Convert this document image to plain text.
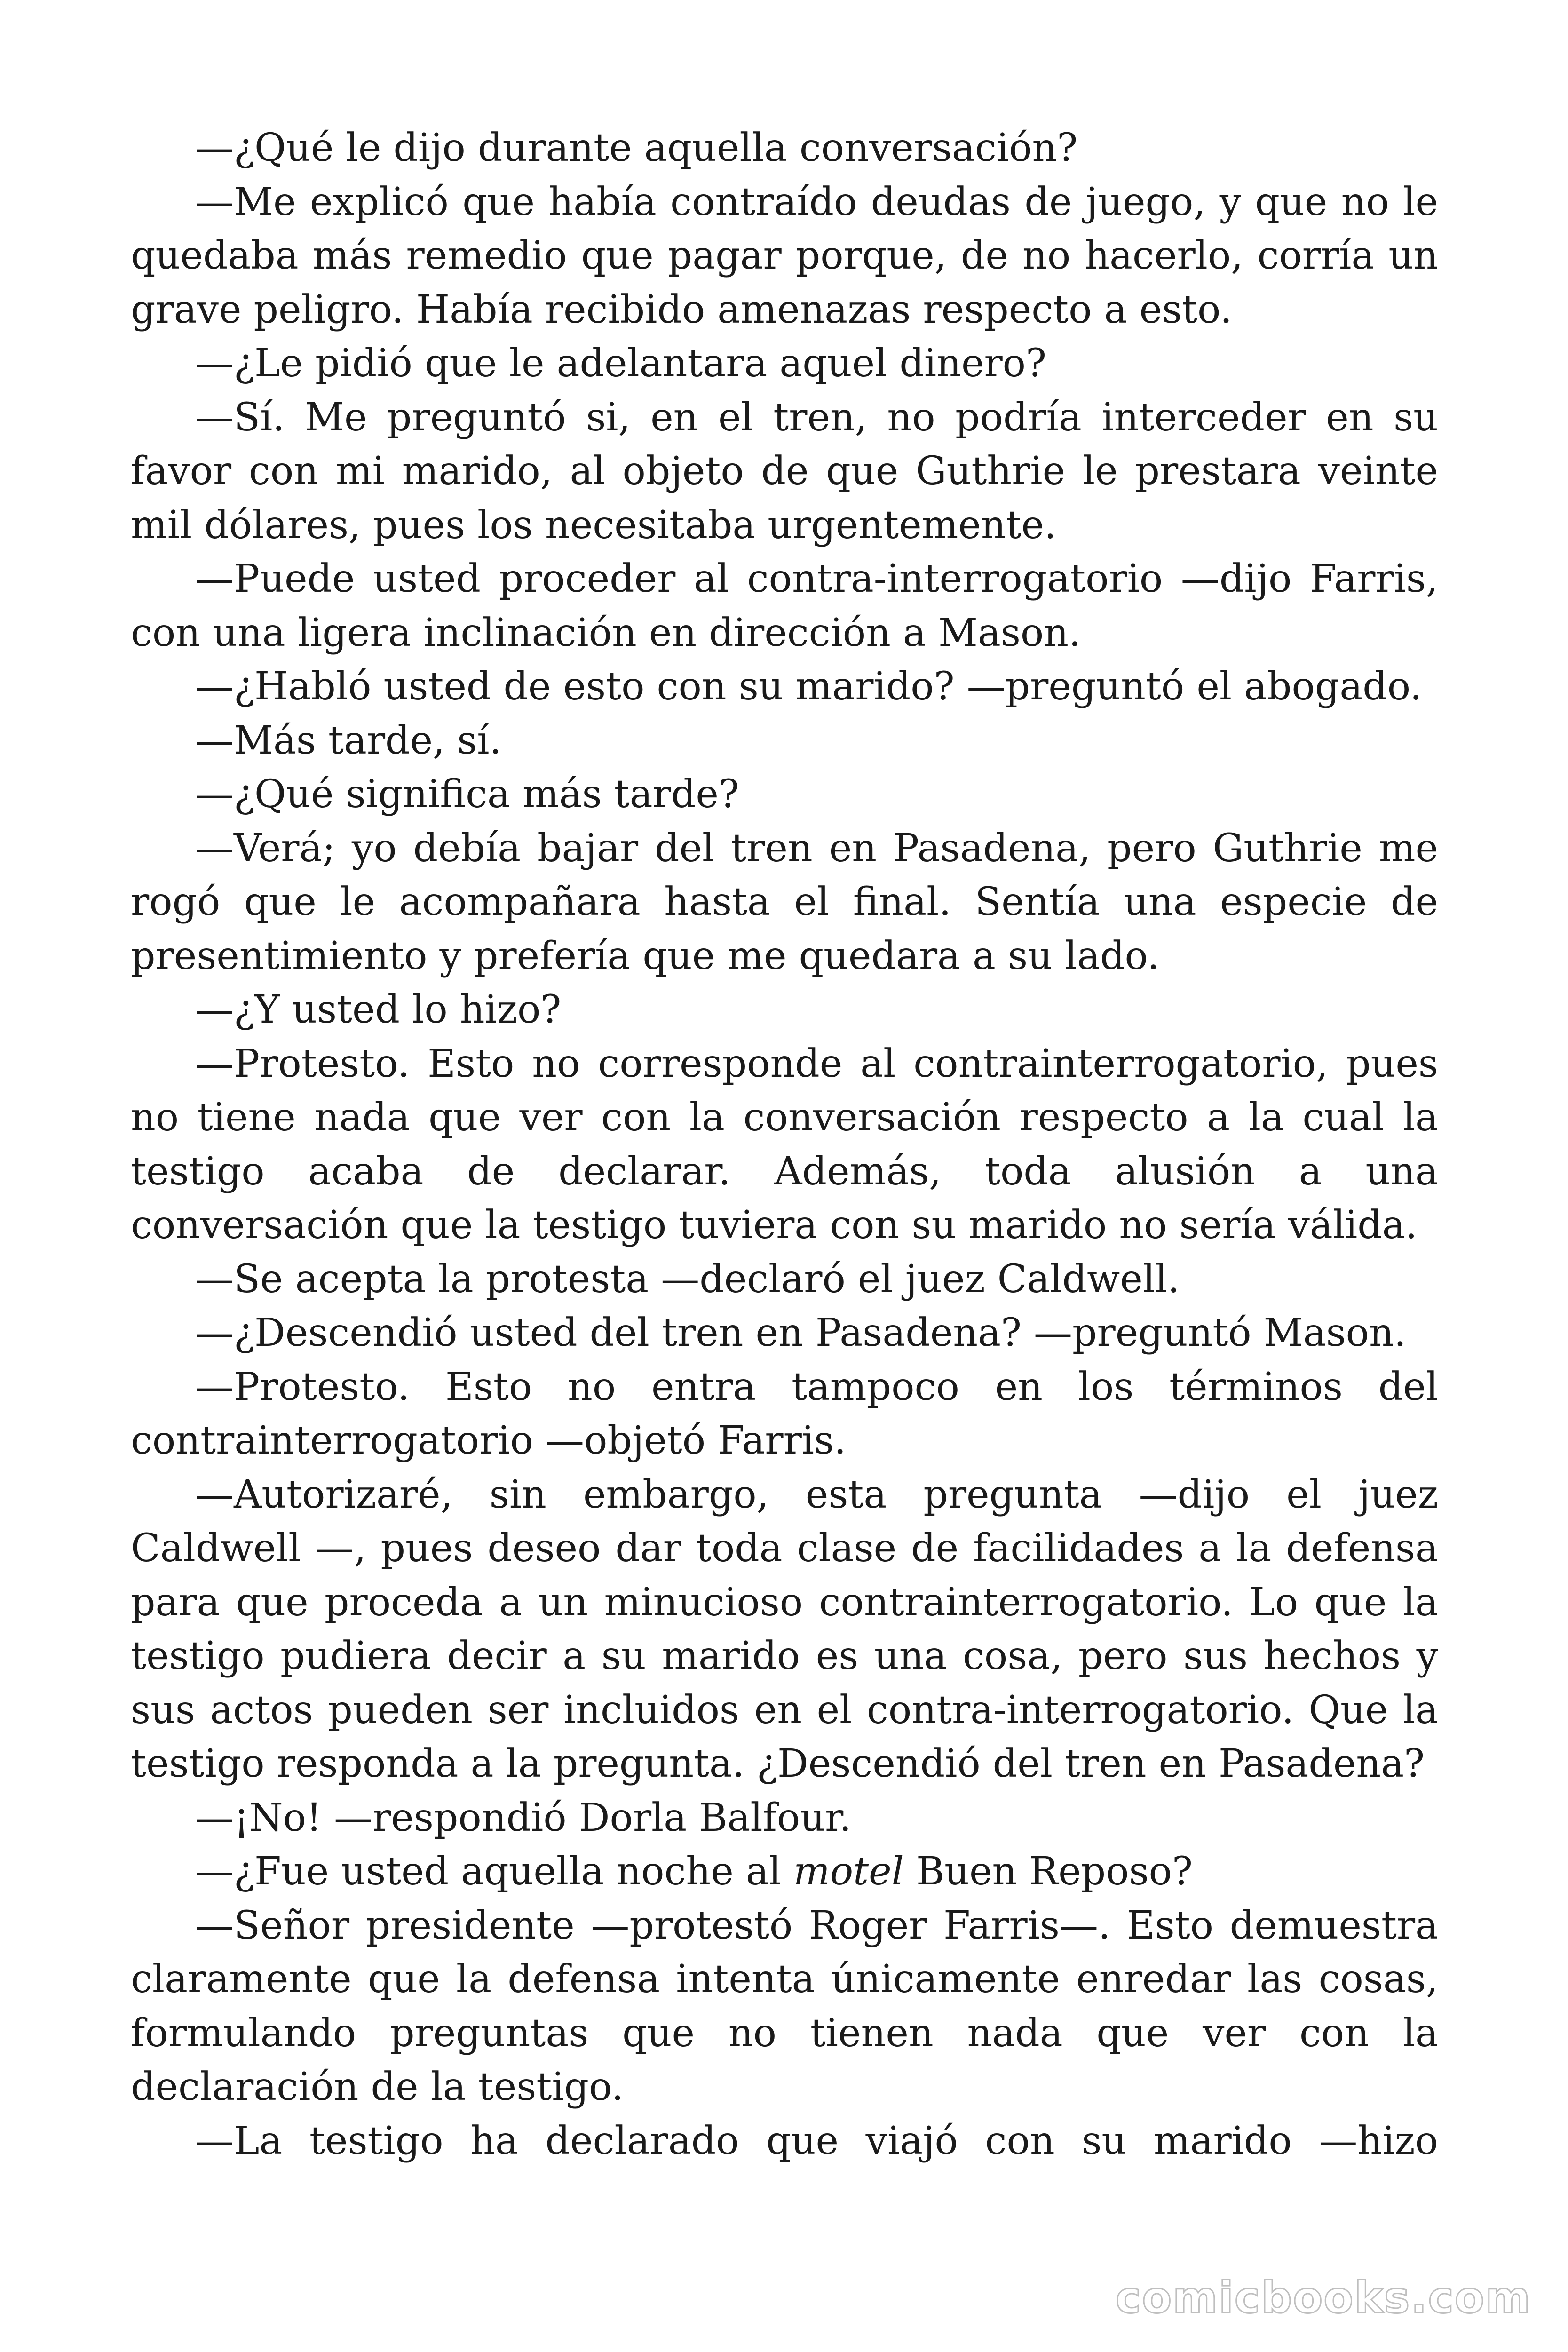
—¿Qué le dijo durante aquella conversación?

—Me explicó que había contraído deudas de juego, y que no le quedaba más remedio que pagar porque, de no hacerlo, corría un grave peligro. Había recibido amenazas respecto a esto.

—¿Le pidió que le adelantara aquel dinero?

—Sí. Me preguntó si, en el tren, no podría interceder en su favor con mi marido, al objeto de que Guthrie le prestara veinte mil dólares, pues los necesitaba urgentemente.

—Puede usted proceder al contra-interrogatorio —dijo Farris, con una ligera inclinación en dirección a Mason.

—¿Habló usted de esto con su marido? —preguntó el abogado.

—Más tarde, sí.

—¿Qué significa más tarde?

—Verá; yo debía bajar del tren en Pasadena, pero Guthrie me rogó que le acompañara hasta el final. Sentía una especie de presentimiento y prefería que me quedara a su lado.

—¿Y usted lo hizo?

—Protesto. Esto no corresponde al contrainterrogatorio, pues no tiene nada que ver con la conversación respecto a la cual la testigo acaba de declarar. Además, toda alusión a una conversación que la testigo tuviera con su marido no sería válida.

—Se acepta la protesta —declaró el juez Caldwell.

—¿Descendió usted del tren en Pasadena? —preguntó Mason.

—Protesto. Esto no entra tampoco en los términos del contrainterrogatorio —objetó Farris.

—Autorizaré, sin embargo, esta pregunta —dijo el juez Caldwell —, pues deseo dar toda clase de facilidades a la defensa para que proceda a un minucioso contrainterrogatorio. Lo que la testigo pudiera decir a su marido es una cosa, pero sus hechos y sus actos pueden ser incluidos en el contra-interrogatorio. Que la testigo responda a la pregunta. ¿Descendió del tren en Pasadena?

—¡No! —respondió Dorla Balfour.

—¿Fue usted aquella noche al motel Buen Reposo?

—Señor presidente —protestó Roger Farris—. Esto demuestra claramente que la defensa intenta únicamente enredar las cosas, formulando preguntas que no tienen nada que ver con la declaración de la testigo.

—La testigo ha declarado que viajó con su marido —hizo

comicbooks.com
